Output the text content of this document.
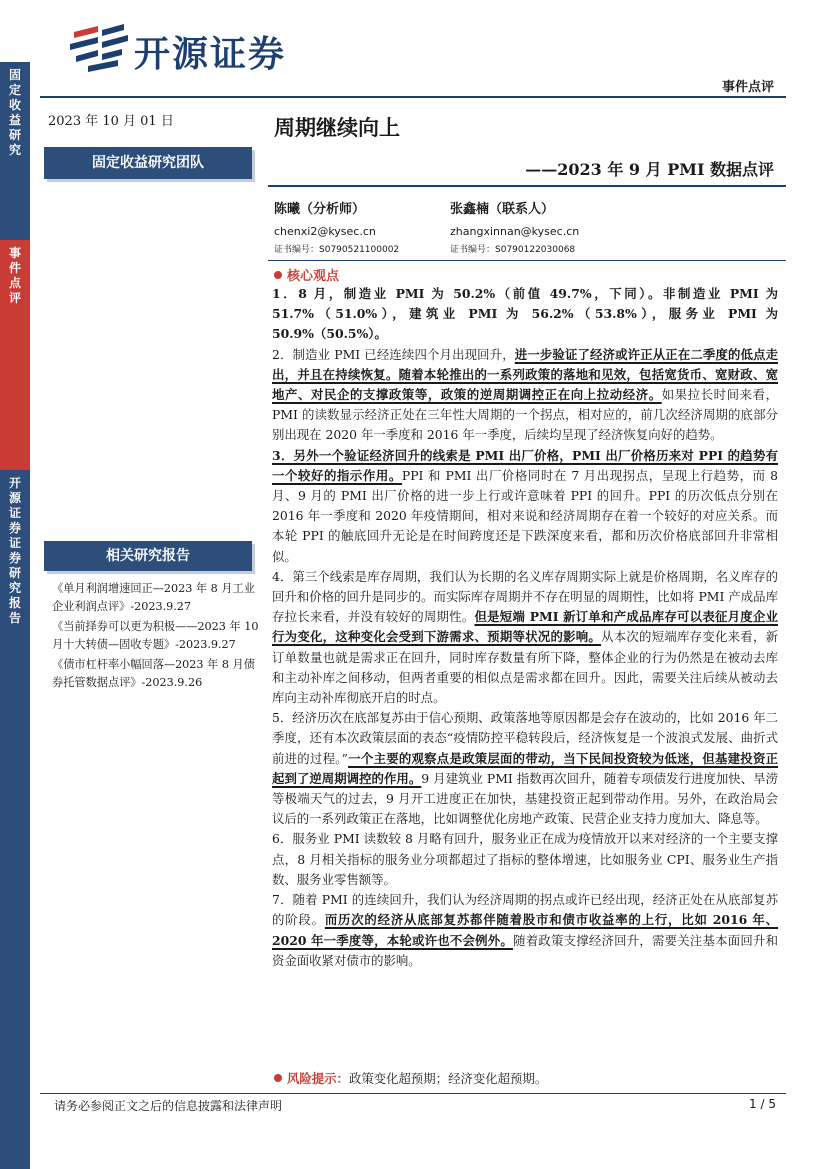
固定收益研究
事件点评
开源证券 证券研究报告
开源证券
事件点评
2023 年 10 月 01 日
固定收益研究团队
周期继续向上
——2023 年 9 月 PMI 数据点评
陈曦（分析师）
chenxi2@kysec.cn
证书编号：S0790521100002
张鑫楠（联系人）
zhangxinnan@kysec.cn
证书编号：S0790122030068
核心观点

1．8 月，制造业 PMI 为 50.2%（前值 49.7%，下同）。非制造业 PMI 为 51.7%（51.0%），建筑业 PMI 为 56.2%（53.8%），服务业 PMI 为 50.9%（50.5%）。

2．制造业 PMI 已经连续四个月出现回升，进一步验证了经济或许正从正在二季度的低点走出，并且在持续恢复。随着本轮推出的一系列政策的落地和见效，包括宽货币、宽财政、宽地产、对民企的支撑政策等，政策的逆周期调控正在向上拉动经济。如果拉长时间来看，PMI 的读数显示经济正处在三年性大周期的一个拐点，相对应的，前几次经济周期的底部分别出现在 2020 年一季度和 2016 年一季度，后续均呈现了经济恢复向好的趋势。

3．另外一个验证经济回升的线索是 PMI 出厂价格，PMI 出厂价格历来对 PPI 的趋势有一个较好的指示作用。PPI 和 PMI 出厂价格同时在 7 月出现拐点，呈现上行趋势，而 8 月、9 月的 PMI 出厂价格的进一步上行或许意味着 PPI 的回升。PPI 的历次低点分别在 2016 年一季度和 2020 年疫情期间，相对来说和经济周期存在着一个较好的对应关系。而本轮 PPI 的触底回升无论是在时间跨度还是下跌深度来看，都和历次价格底部回升非常相似。

4．第三个线索是库存周期，我们认为长期的名义库存周期实际上就是价格周期，名义库存的回升和价格的回升是同步的。而实际库存周期并不存在明显的周期性，比如将 PMI 产成品库存拉长来看，并没有较好的周期性。但是短端 PMI 新订单和产成品库存可以表征月度企业行为变化，这种变化会受到下游需求、预期等状况的影响。从本次的短端库存变化来看，新订单数量也就是需求正在回升，同时库存数量有所下降，整体企业的行为仍然是在被动去库和主动补库之间移动，但两者重要的相似点是需求都在回升。因此，需要关注后续从被动去库向主动补库彻底开启的时点。

5．经济历次在底部复苏由于信心预期、政策落地等原因都是会存在波动的，比如 2016 年二季度，还有本次政策层面的表态“疫情防控平稳转段后，经济恢复是一个波浪式发展、曲折式前进的过程。”一个主要的观察点是政策层面的带动，当下民间投资较为低迷，但基建投资正起到了逆周期调控的作用。9 月建筑业 PMI 指数再次回升，随着专项债发行进度加快、旱涝等极端天气的过去，9 月开工进度正在加快，基建投资正起到带动作用。另外，在政治局会议后的一系列政策正在落地，比如调整优化房地产政策、民营企业支持力度加大、降息等。

6．服务业 PMI 读数较 8 月略有回升，服务业正在成为疫情放开以来对经济的一个主要支撑点，8 月相关指标的服务业分项都超过了指标的整体增速，比如服务业 CPI、服务业生产指数、服务业零售额等。

7．随着 PMI 的连续回升，我们认为经济周期的拐点或许已经出现，经济正处在从底部复苏的阶段。而历次的经济从底部复苏都伴随着股市和债市收益率的上行，比如 2016 年、2020 年一季度等，本轮或许也不会例外。随着政策支撑经济回升，需要关注基本面回升和资金面收紧对债市的影响。

风险提示：政策变化超预期；经济变化超预期。
相关研究报告
《单月利润增速回正—2023 年 8 月工业企业利润点评》-2023.9.27
《当前择券可以更为积极——2023 年 10 月十大转债—固收专题》-2023.9.27
《债市杠杆率小幅回落—2023 年 8 月债券托管数据点评》-2023.9.26
请务必参阅正文之后的信息披露和法律声明	1 / 5
